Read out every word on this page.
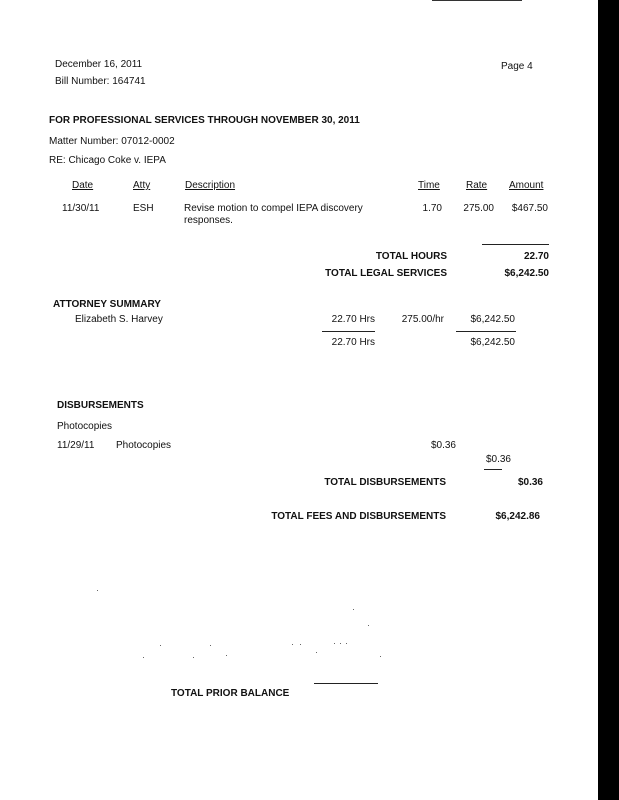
December 16, 2011
Bill Number: 164741
Page 4
FOR PROFESSIONAL SERVICES THROUGH NOVEMBER 30, 2011
Matter Number: 07012-0002
RE: Chicago Coke v. IEPA
Date	Atty	Description	Time	Rate Amount
11/30/11	ESH	Revise motion to compel IEPA discovery
responses.
1.70	275.00	$467.50
TOTAL HOURS	22.70
TOTAL LEGAL SERVICES	$6,242.50
ATTORNEY SUMMARY
Elizabeth S. Harvey	22.70 Hrs	275.00/hr	$6,242.50
22.70 Hrs	$6,242.50
DISBURSEMENTS
Photocopies
11/29/11 Photocopies	$0.36
$0.36
TOTAL DISBURSEMENTS	$0.36
TOTAL FEES AND DISBURSEMENTS	$6,242.86
TOTAL PRIOR BALANCE
